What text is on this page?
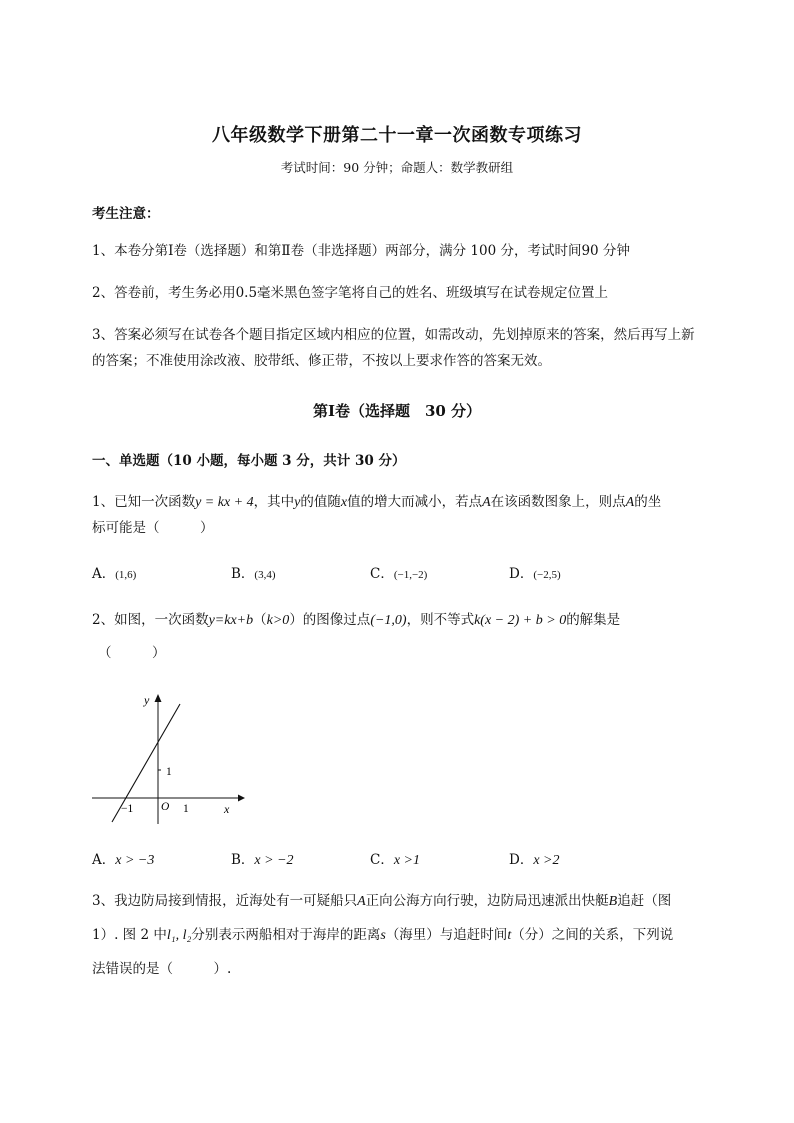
八年级数学下册第二十一章一次函数专项练习
考试时间：90 分钟；命题人：数学教研组
考生注意：
1、本卷分第Ⅰ卷（选择题）和第Ⅱ卷（非选择题）两部分，满分 100 分，考试时间90 分钟
2、答卷前，考生务必用0.5毫米黑色签字笔将自己的姓名、班级填写在试卷规定位置上
3、答案必须写在试卷各个题目指定区域内相应的位置，如需改动，先划掉原来的答案，然后再写上新
的答案；不准使用涂改液、胶带纸、修正带，不按以上要求作答的答案无效。
第Ⅰ卷（选择题　30 分）
一、单选题（10 小题，每小题 3 分，共计 30 分）
1、已知一次函数y = kx + 4，其中y的值随x值的增大而减小，若点A在该函数图象上，则点A的坐
标可能是（　　　）
A．(1,6)	B．(3,4)	C．(−1,−2)	D．(−2,5)
2、如图，一次函数y=kx+b（k>0）的图像过点(−1,0)，则不等式k(x − 2) + b > 0的解集是
（　　　）
y
x
O
−1	1
1
A．x > −3	B．x > −2	C．x >1	D．x >2
3、我边防局接到情报，近海处有一可疑船只A正向公海方向行驶，边防局迅速派出快艇B追赶（图
1）. 图 2 中l₁, l₂分别表示两船相对于海岸的距离s（海里）与追赶时间t（分）之间的关系，下列说
法错误的是（　　　）.
